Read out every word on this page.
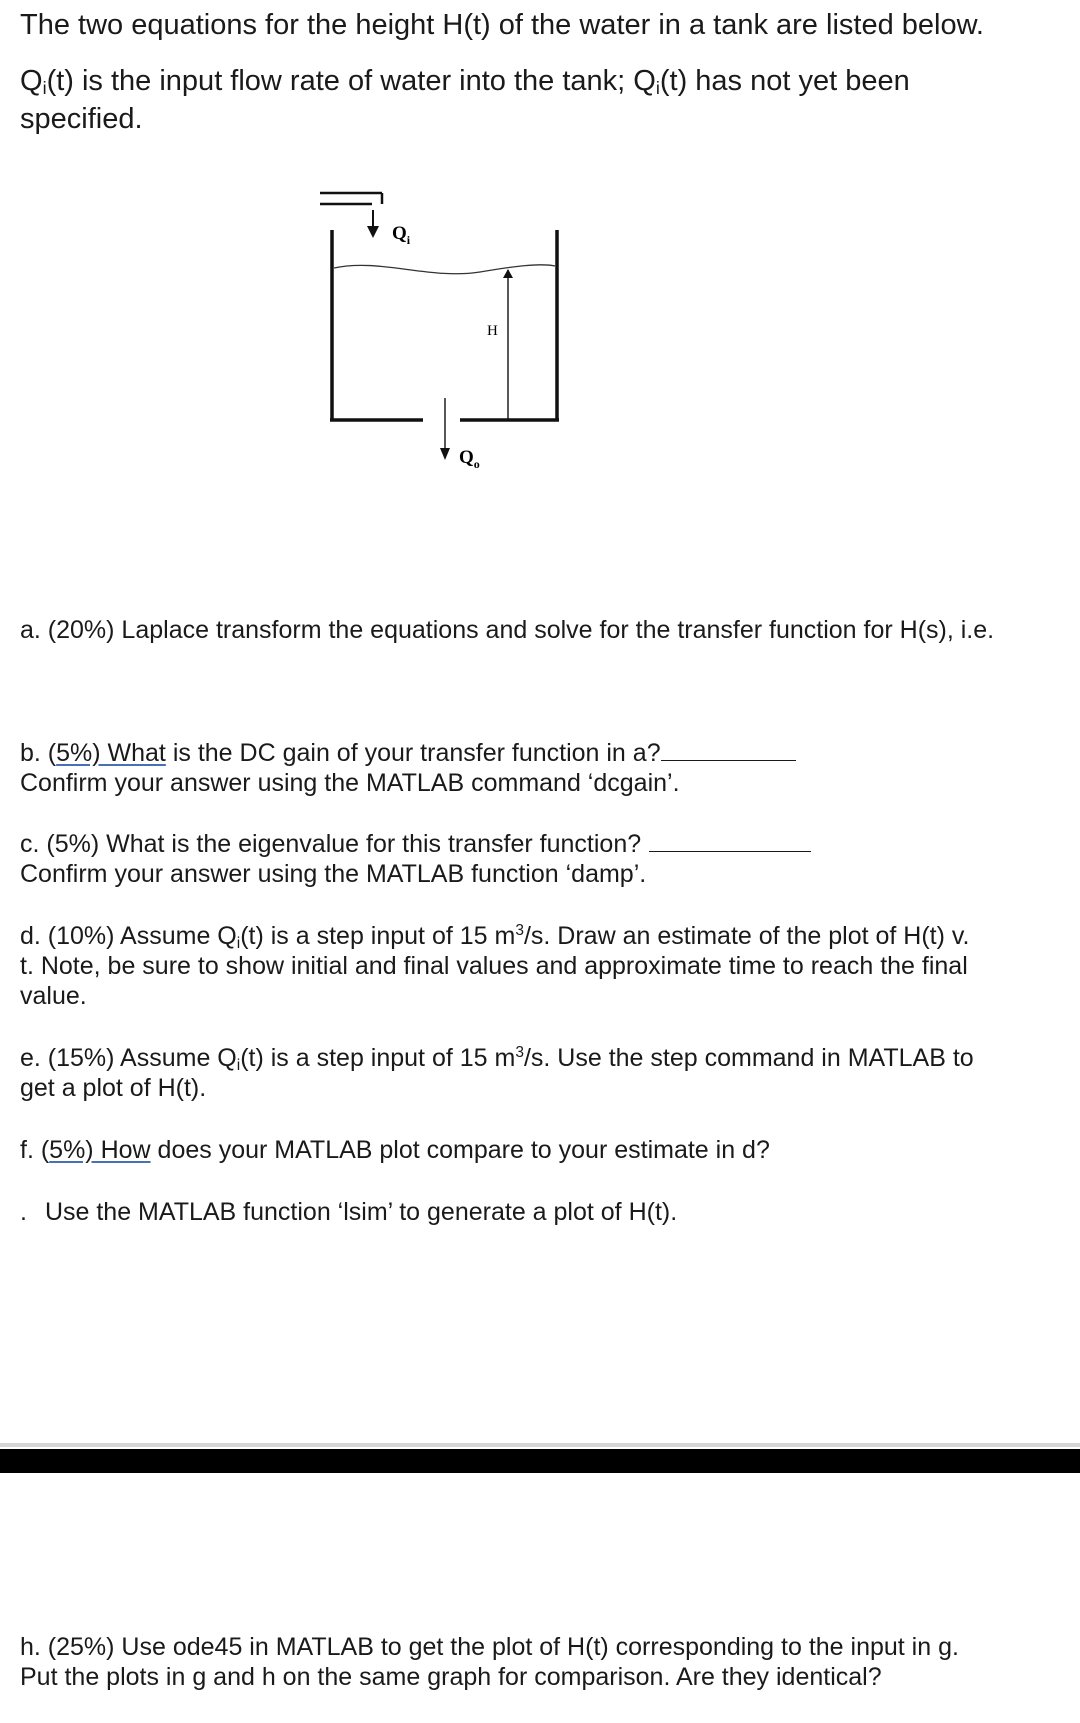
The two equations for the height H(t) of the water in a tank are listed below.
Qi(t) is the input flow rate of water into the tank; Qi(t) has not yet been
specified.
$Q_i$
H
$Q_o$
a. (20%) Laplace transform the equations and solve for the transfer function for H(s), i.e.
b. (5%) What is the DC gain of your transfer function in a?
Confirm your answer using the MATLAB command ‘dcgain’.
c. (5%) What is the eigenvalue for this transfer function?
Confirm your answer using the MATLAB function ‘damp’.
d. (10%) Assume Qi(t) is a step input of 15 $m^3/s$. Draw an estimate of the plot of H(t) v.
t. Note, be sure to show initial and final values and approximate time to reach the final
value.
e. (15%) Assume Qi(t) is a step input of 15 $m^3/s$. Use the step command in MATLAB to
get a plot of H(t).
f. (5%) How does your MATLAB plot compare to your estimate in d?
. Use the MATLAB function ‘lsim’ to generate a plot of H(t).
h. (25%) Use ode45 in MATLAB to get the plot of H(t) corresponding to the input in g.
Put the plots in g and h on the same graph for comparison. Are they identical?
